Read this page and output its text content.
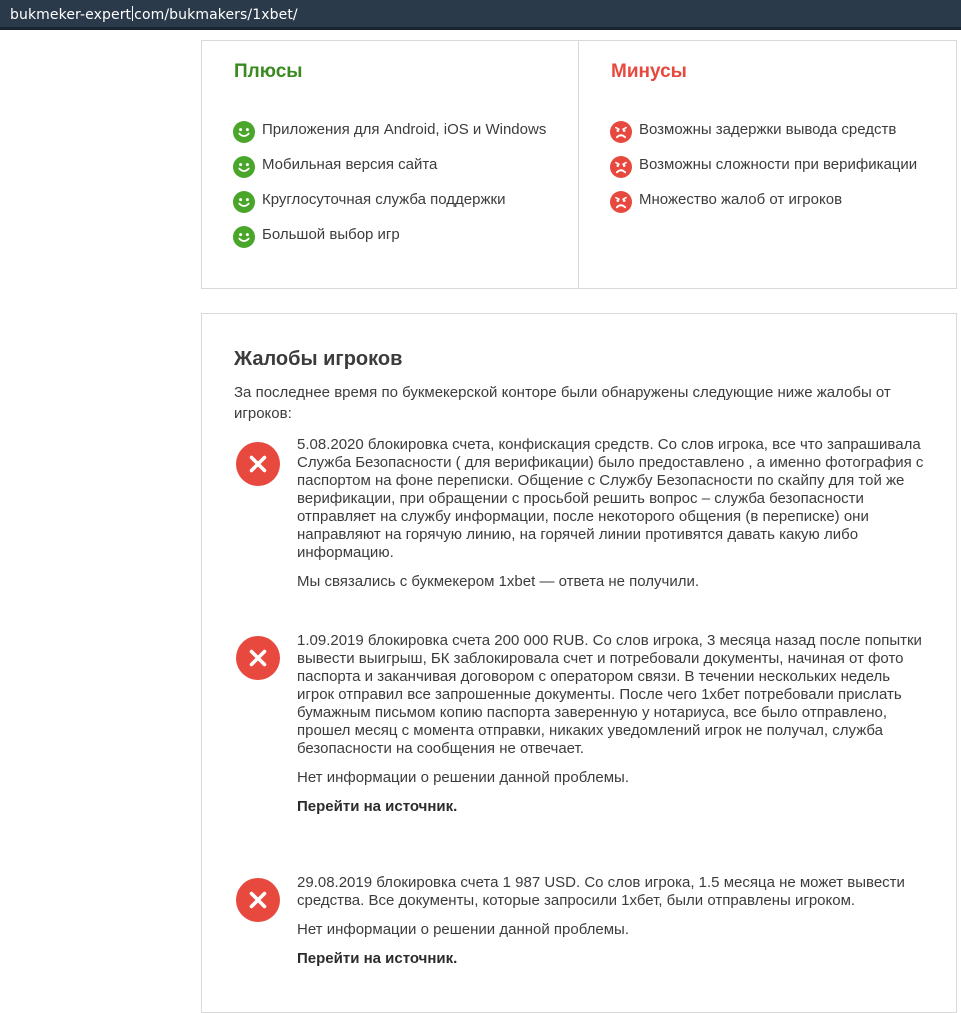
bukmeker-expert com/bukmakers/1xbet/
Плюсы
Приложения для Android, iOS и Windows
Мобильная версия сайта
Круглосуточная служба поддержки
Большой выбор игр
Минусы
Возможны задержки вывода средств
Возможны сложности при верификации
Множество жалоб от игроков
Жалобы игроков
За последнее время по букмекерской конторе были обнаружены следующие ниже жалобы от игроков:

5.08.2020 блокировка счета, конфискация средств. Со слов игрока, все что запрашивала Служба Безопасности ( для верификации) было предоставлено , а именно фотография с паспортом на фоне переписки. Общение с Службу Безопасности по скайпу для той же верификации, при обращении с просьбой решить вопрос – служба безопасности отправляет на службу информации, после некоторого общения (в переписке) они направляют на горячую линию, на горячей линии противятся давать какую либо информацию.

Мы связались с букмекером 1xbet — ответа не получили.

1.09.2019 блокировка счета 200 000 RUB. Со слов игрока, 3 месяца назад после попытки вывести выигрыш, БК заблокировала счет и потребовали документы, начиная от фото паспорта и заканчивая договором с оператором связи. В течении нескольких недель игрок отправил все запрошенные документы. После чего 1хбет потребовали прислать бумажным письмом копию паспорта заверенную у нотариуса, все было отправлено, прошел месяц с момента отправки, никаких уведомлений игрок не получал, служба безопасности на сообщения не отвечает.

Нет информации о решении данной проблемы.

Перейти на источник.

29.08.2019 блокировка счета 1 987 USD. Со слов игрока, 1.5 месяца не может вывести средства. Все документы, которые запросили 1хбет, были отправлены игроком.

Нет информации о решении данной проблемы.

Перейти на источник.
